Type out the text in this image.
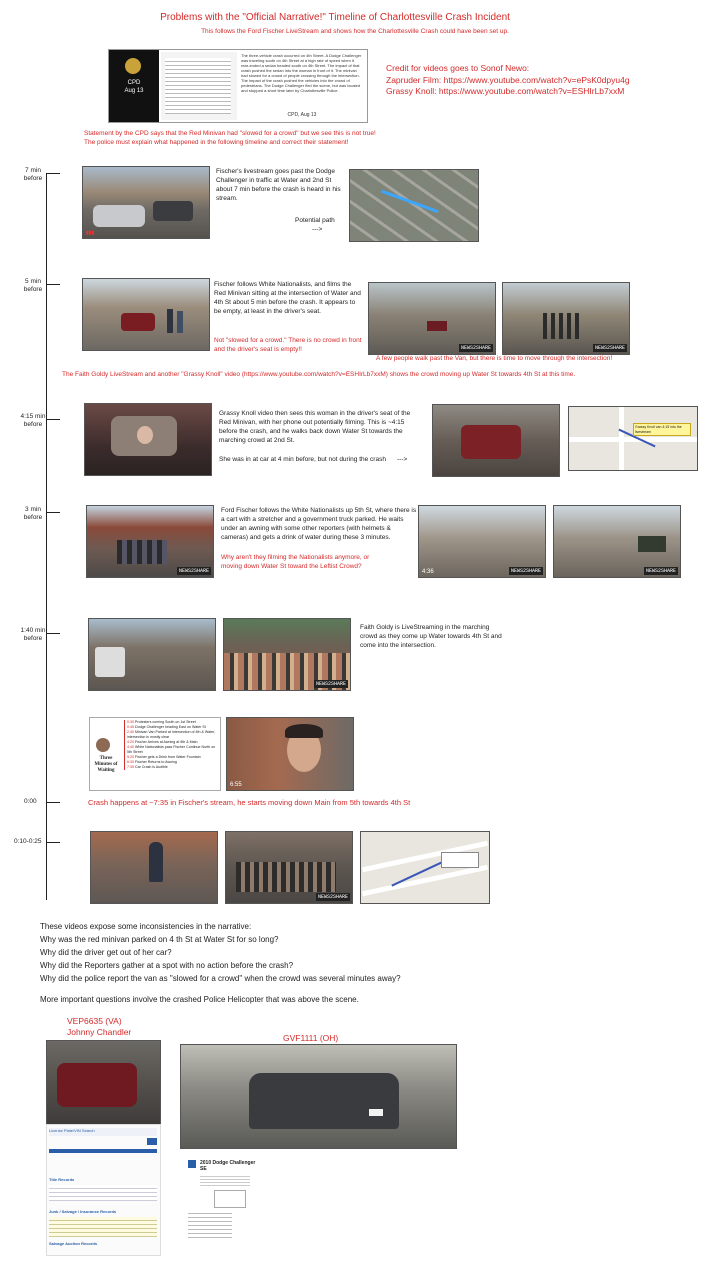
Problems with the "Official Narrative!" Timeline of Charlottesville Crash Incident
This follows the Ford Fischer LiveStream and shows how the Charlottesville Crash could have been set up.
CPD
Aug 13
The three-vehicle crash occurred on 4th Street. A Dodge Challenger was traveling south on 4th Street at a high rate of speed when it rear-ended a sedan headed south on 4th Street. The impact of that crash pushed the sedan into the woman in front of it. The minivan had slowed for a crowd of people crossing through the intersection. The impact of the crash pushed the vehicles into the crowd of pedestrians. The Dodge Challenger fled the scene, but was located and stopped a short time later by Charlottesville Police.
CPD, Aug 13
Credit for videos goes to Sonof Newo:
Zapruder Film: https://www.youtube.com/watch?v=ePsK0dpyu4g
Grassy Knoll: https://www.youtube.com/watch?v=ESHIrLb7xxM
Statement by the CPD says that the Red Minivan had "slowed for a crowd" but we see this is not true!
The police must explain what happened in the following timeline and correct their statement!
7 min before
5 min before
4:15 min before
3 min before
1:40 min before
0:00
0:10-0:25
▮▮▮
Fischer's livestream goes past the Dodge Challenger in traffic at Water and 2nd St about 7 min before the crash is heard in his stream.
Potential path
--->
Fischer follows White Nationalists, and films the Red Minivan sitting at the intersection of Water and 4th St about 5 min before the crash. It appears to be empty, at least in the driver's seat.
Not "slowed for a crowd." There is no crowd in front and the driver's seat is empty!!	NEWS2SHARE	NEWS2SHARE
A few people walk past the Van, but there is time to move through the intersection!
The Faith Goldy LiveStream and another "Grassy Knoll" video (https://www.youtube.com/watch?v=ESHIrLb7xxM) shows the crowd moving up Water St towards 4th St at this time.
Grassy Knoll video then sees this woman in the driver's seat of the Red Minivan, with her phone out potentially filming. This is ~4:15 before the crash, and he walks back down Water St towards the marching crowd at 2nd St.
She was in at car at 4 min before, but not during the crash	--->
Grassy Knoll van 4:15 into the livestream
NEWS2SHARE
Ford Fischer follows the White Nationalists up 5th St, where there is a cart with a stretcher and a government truck parked. He waits under an awning with some other reporters (with helmets & cameras) and gets a drink of water during these 3 minutes.
Why aren't they filming the Nationalists anymore, or moving down Water St toward the Leftist Crowd?
4:36	NEWS2SHARE	NEWS2SHARE
NEWS2SHARE
Faith Goldy is LiveStreaming in the marching crowd as they come up Water towards 4th St and come into the intersection.
Three Minutes of Waiting
0:30 Protesters coming South on 1st Street
0:45 Dodge Challenger heading East on Water St
2:40 Minivan Van Parked at Intersection of 4th & Water, intersection is mostly clear
4:20 Fischer Arrives at Awning at 5th & Main
4:40 White Nationalists pass Fischer Continue North on 5th Street
5:20 Fischer gets a Drink from Water Fountain
6:30 Fischer Returns to Awning
7:35 Car Crash is Audible
6:55
Crash happens at ~7:35 in Fischer's stream, he starts moving down Main from 5th towards 4th St
NEWS2SHARE
These videos expose some inconsistencies in the narrative:
Why was the red minivan parked on 4 th St at Water St for so long?
Why did the driver get out of her car?
Why did the Reporters gather at a spot with no action before the crash?
Why did the police report the van as "slowed for a crowd" when the crowd was several minutes away?
More important questions involve the crashed Police Helicopter that was above the scene.
VEP6635 (VA)
Johnny Chandler
GVF1111 (OH)
License Plate/VIN Search
Title Records
Junk / Salvage / Insurance Records
Salvage Auction Records
2010 Dodge Challenger
SE
